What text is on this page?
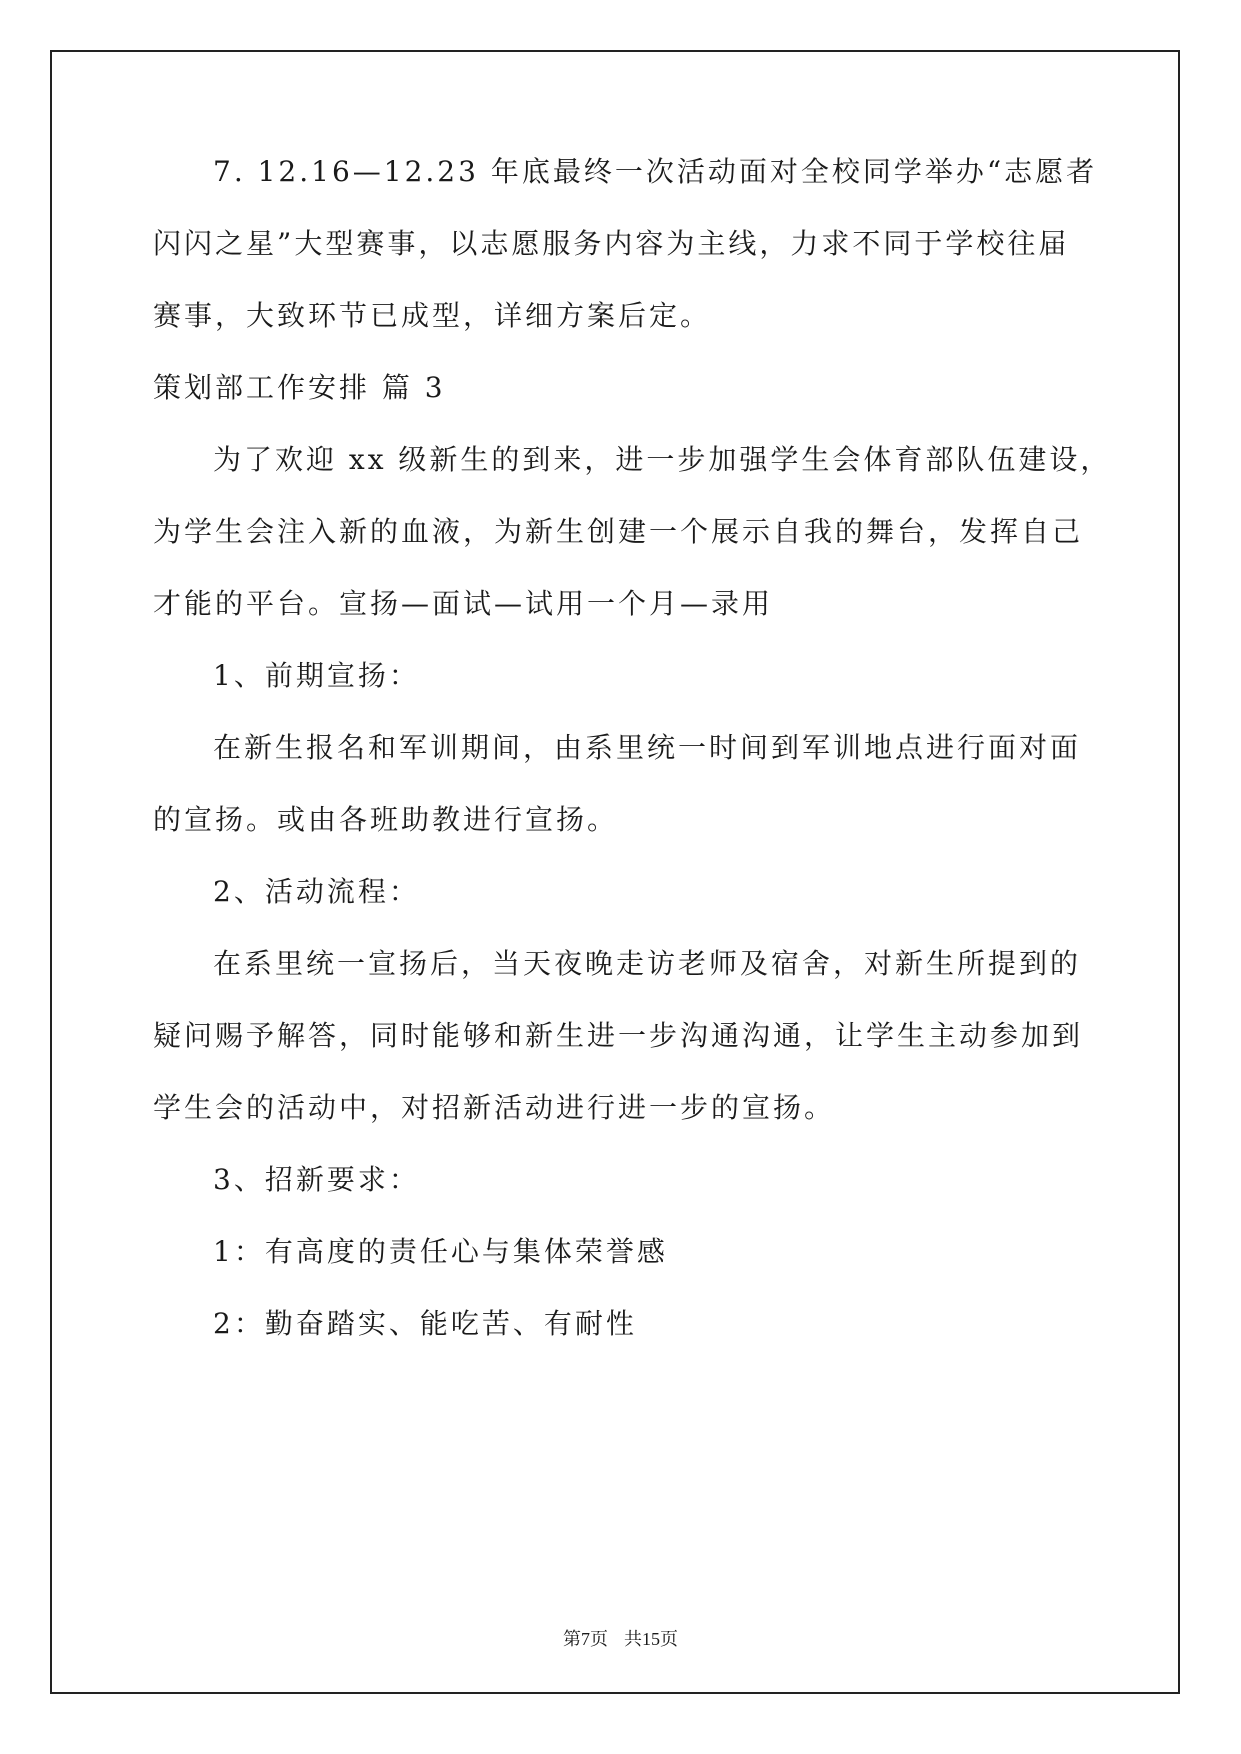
7. 12.16—12.23 年底最终一次活动面对全校同学举办“志愿者
闪闪之星”大型赛事，以志愿服务内容为主线，力求不同于学校往届
赛事，大致环节已成型，详细方案后定。
策划部工作安排 篇 3
为了欢迎 xx 级新生的到来，进一步加强学生会体育部队伍建设，
为学生会注入新的血液，为新生创建一个展示自我的舞台，发挥自己
才能的平台。宣扬—面试—试用一个月—录用
1、前期宣扬：
在新生报名和军训期间，由系里统一时间到军训地点进行面对面
的宣扬。或由各班助教进行宣扬。
2、活动流程：
在系里统一宣扬后，当天夜晚走访老师及宿舍，对新生所提到的
疑问赐予解答，同时能够和新生进一步沟通沟通，让学生主动参加到
学生会的活动中，对招新活动进行进一步的宣扬。
3、招新要求：
1：有高度的责任心与集体荣誉感
2：勤奋踏实、能吃苦、有耐性
第7页 共15页
